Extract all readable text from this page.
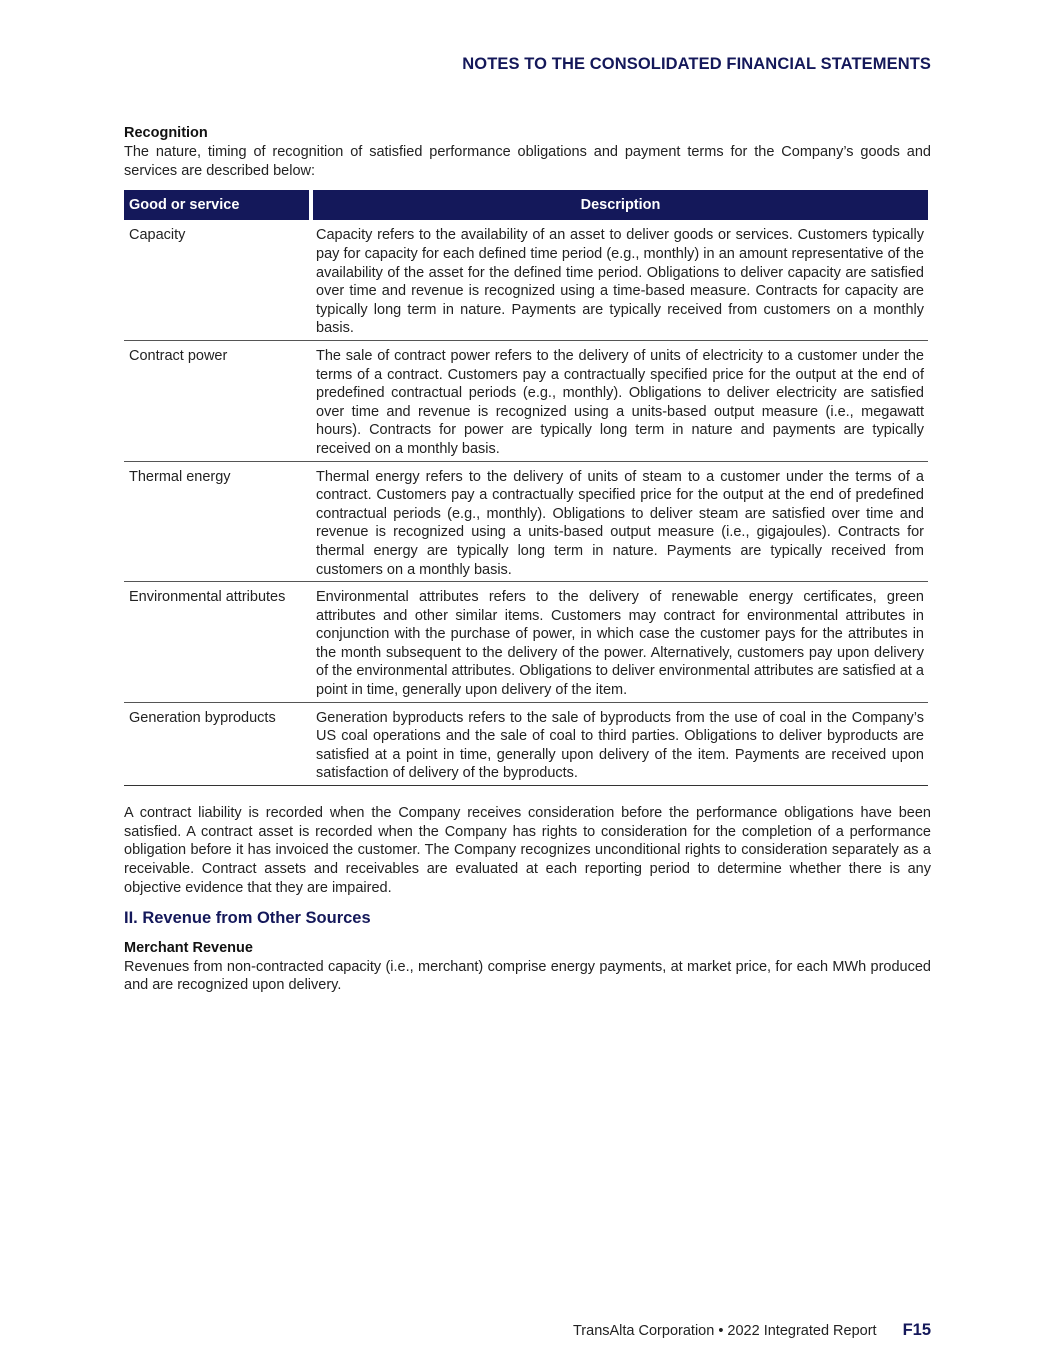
NOTES TO THE CONSOLIDATED FINANCIAL STATEMENTS
Recognition

The nature, timing of recognition of satisfied performance obligations and payment terms for the Company’s goods and services are described below:

Good or service	Description
Capacity	Capacity refers to the availability of an asset to deliver goods or services. Customers typically pay for capacity for each defined time period (e.g., monthly) in an amount representative of the availability of the asset for the defined time period. Obligations to deliver capacity are satisfied over time and revenue is recognized using a time-based measure. Contracts for capacity are typically long term in nature. Payments are typically received from customers on a monthly basis.
Contract power	The sale of contract power refers to the delivery of units of electricity to a customer under the terms of a contract. Customers pay a contractually specified price for the output at the end of predefined contractual periods (e.g., monthly). Obligations to deliver electricity are satisfied over time and revenue is recognized using a units-based output measure (i.e., megawatt hours). Contracts for power are typically long term in nature and payments are typically received on a monthly basis.
Thermal energy	Thermal energy refers to the delivery of units of steam to a customer under the terms of a contract. Customers pay a contractually specified price for the output at the end of predefined contractual periods (e.g., monthly). Obligations to deliver steam are satisfied over time and revenue is recognized using a units-based output measure (i.e., gigajoules). Contracts for thermal energy are typically long term in nature. Payments are typically received from customers on a monthly basis.
Environmental attributes	Environmental attributes refers to the delivery of renewable energy certificates, green attributes and other similar items. Customers may contract for environmental attributes in conjunction with the purchase of power, in which case the customer pays for the attributes in the month subsequent to the delivery of the power. Alternatively, customers pay upon delivery of the environmental attributes. Obligations to deliver environmental attributes are satisfied at a point in time, generally upon delivery of the item.
Generation byproducts	Generation byproducts refers to the sale of byproducts from the use of coal in the Company’s US coal operations and the sale of coal to third parties. Obligations to deliver byproducts are satisfied at a point in time, generally upon delivery of the item. Payments are received upon satisfaction of delivery of the byproducts.

A contract liability is recorded when the Company receives consideration before the performance obligations have been satisfied. A contract asset is recorded when the Company has rights to consideration for the completion of a performance obligation before it has invoiced the customer. The Company recognizes unconditional rights to consideration separately as a receivable. Contract assets and receivables are evaluated at each reporting period to determine whether there is any objective evidence that they are impaired.

II. Revenue from Other Sources
Merchant Revenue

Revenues from non-contracted capacity (i.e., merchant) comprise energy payments, at market price, for each MWh produced and are recognized upon delivery.

TransAlta Corporation • 2022 Integrated Report F15
